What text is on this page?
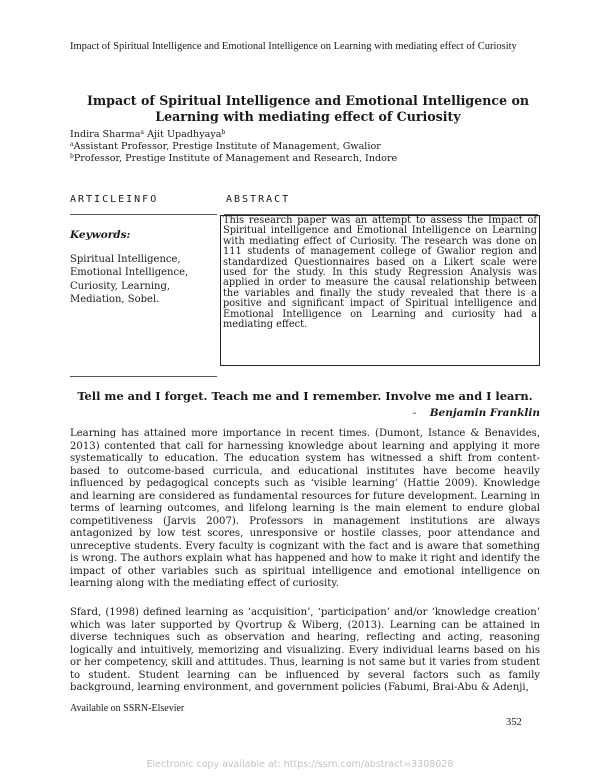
Impact of Spiritual Intelligence and Emotional Intelligence on Learning with mediating effect of Curiosity
Impact of Spiritual Intelligence and Emotional Intelligence on Learning with mediating effect of Curiosity
Indira Sharma$^a$ Ajit Upadhyaya$^b$
$^a$Assistant Professor, Prestige Institute of Management, Gwalior
$^b$Professor, Prestige Institute of Management and Research, Indore
ARTICLEINFO	ABSTRACT
Keywords:
Spiritual Intelligence, Emotional Intelligence, Curiosity, Learning, Mediation, Sobel.
This research paper was an attempt to assess the Impact of Spiritual intelligence and Emotional Intelligence on Learning with mediating effect of Curiosity. The research was done on 111 students of management college of Gwalior region and standardized Questionnaires based on a Likert scale were used for the study. In this study Regression Analysis was applied in order to measure the causal relationship between the variables and finally the study revealed that there is a positive and significant impact of Spiritual intelligence and Emotional Intelligence on Learning and curiosity had a mediating effect.
Tell me and I forget. Teach me and I remember. Involve me and I learn.
- Benjamin Franklin
Learning has attained more importance in recent times. (Dumont, Istance & Benavides, 2013) contented that call for harnessing knowledge about learning and applying it more systematically to education. The education system has witnessed a shift from content-based to outcome-based curricula, and educational institutes have become heavily influenced by pedagogical concepts such as ‘visible learning’ (Hattie 2009). Knowledge and learning are considered as fundamental resources for future development. Learning in terms of learning outcomes, and lifelong learning is the main element to endure global competitiveness (Jarvis 2007). Professors in management institutions are always antagonized by low test scores, unresponsive or hostile classes, poor attendance and unreceptive students. Every faculty is cognizant with the fact and is aware that something is wrong. The authors explain what has happened and how to make it right and identify the impact of other variables such as spiritual intelligence and emotional intelligence on learning along with the mediating effect of curiosity.
Sfard, (1998) defined learning as ‘acquisition’, ‘participation’ and/or ‘knowledge creation’ which was later supported by Qvortrup & Wiberg, (2013). Learning can be attained in diverse techniques such as observation and hearing, reflecting and acting, reasoning logically and intuitively, memorizing and visualizing. Every individual learns based on his or her competency, skill and attitudes. Thus, learning is not same but it varies from student to student. Student learning can be influenced by several factors such as family background, learning environment, and government policies (Fabumi, Brai-Abu & Adenji,
Available on SSRN-Elsevier
352
Electronic copy available at: https://ssrn.com/abstract=3308028
